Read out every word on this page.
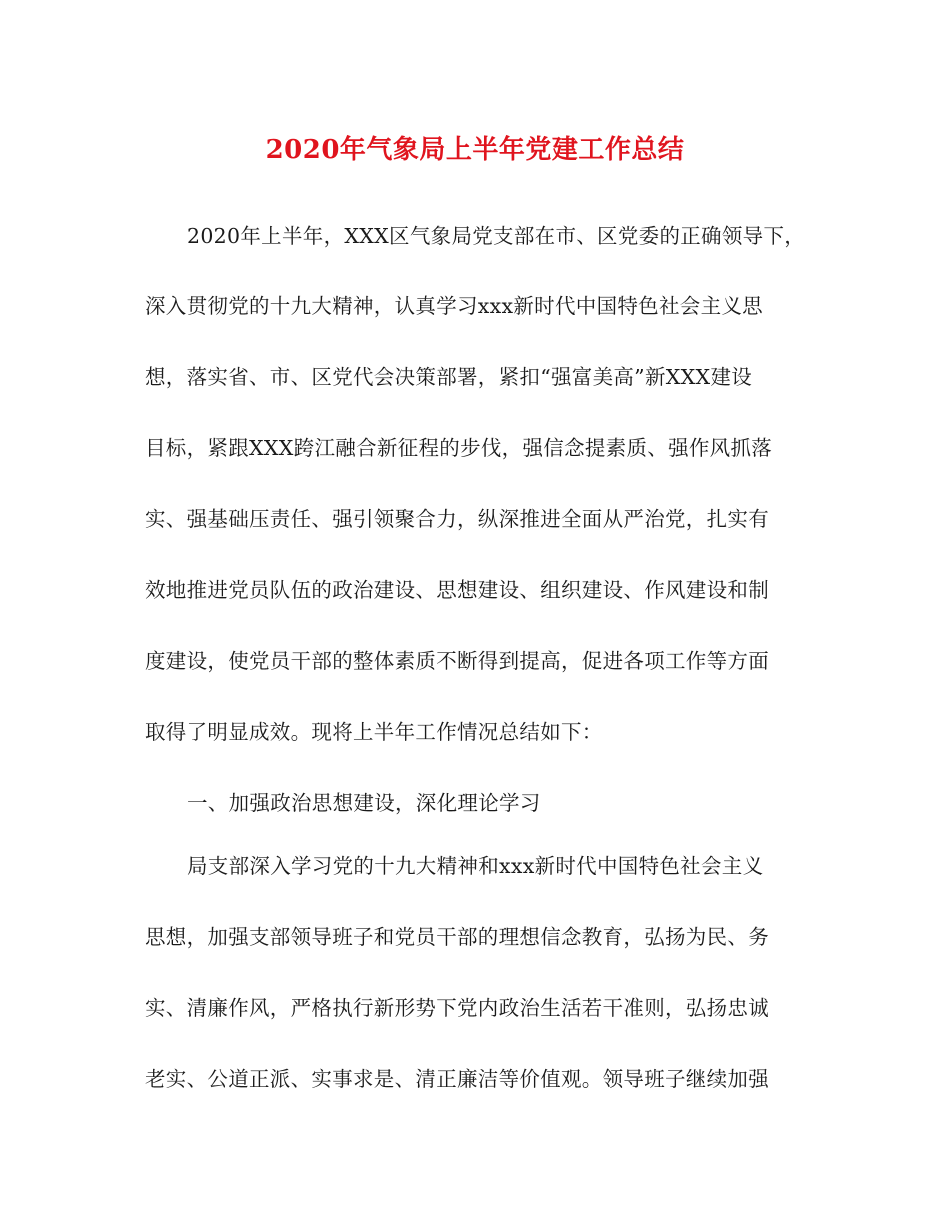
2020年气象局上半年党建工作总结
2020年上半年，XXX区气象局党支部在市、区党委的正确领导下，
深入贯彻党的十九大精神，认真学习xxx新时代中国特色社会主义思
想，落实省、市、区党代会决策部署，紧扣“强富美高”新XXX建设
目标，紧跟XXX跨江融合新征程的步伐，强信念提素质、强作风抓落
实、强基础压责任、强引领聚合力，纵深推进全面从严治党，扎实有
效地推进党员队伍的政治建设、思想建设、组织建设、作风建设和制
度建设，使党员干部的整体素质不断得到提高，促进各项工作等方面
取得了明显成效。现将上半年工作情况总结如下：
一、加强政治思想建设，深化理论学习
局支部深入学习党的十九大精神和xxx新时代中国特色社会主义
思想，加强支部领导班子和党员干部的理想信念教育，弘扬为民、务
实、清廉作风，严格执行新形势下党内政治生活若干准则，弘扬忠诚
老实、公道正派、实事求是、清正廉洁等价值观。领导班子继续加强
